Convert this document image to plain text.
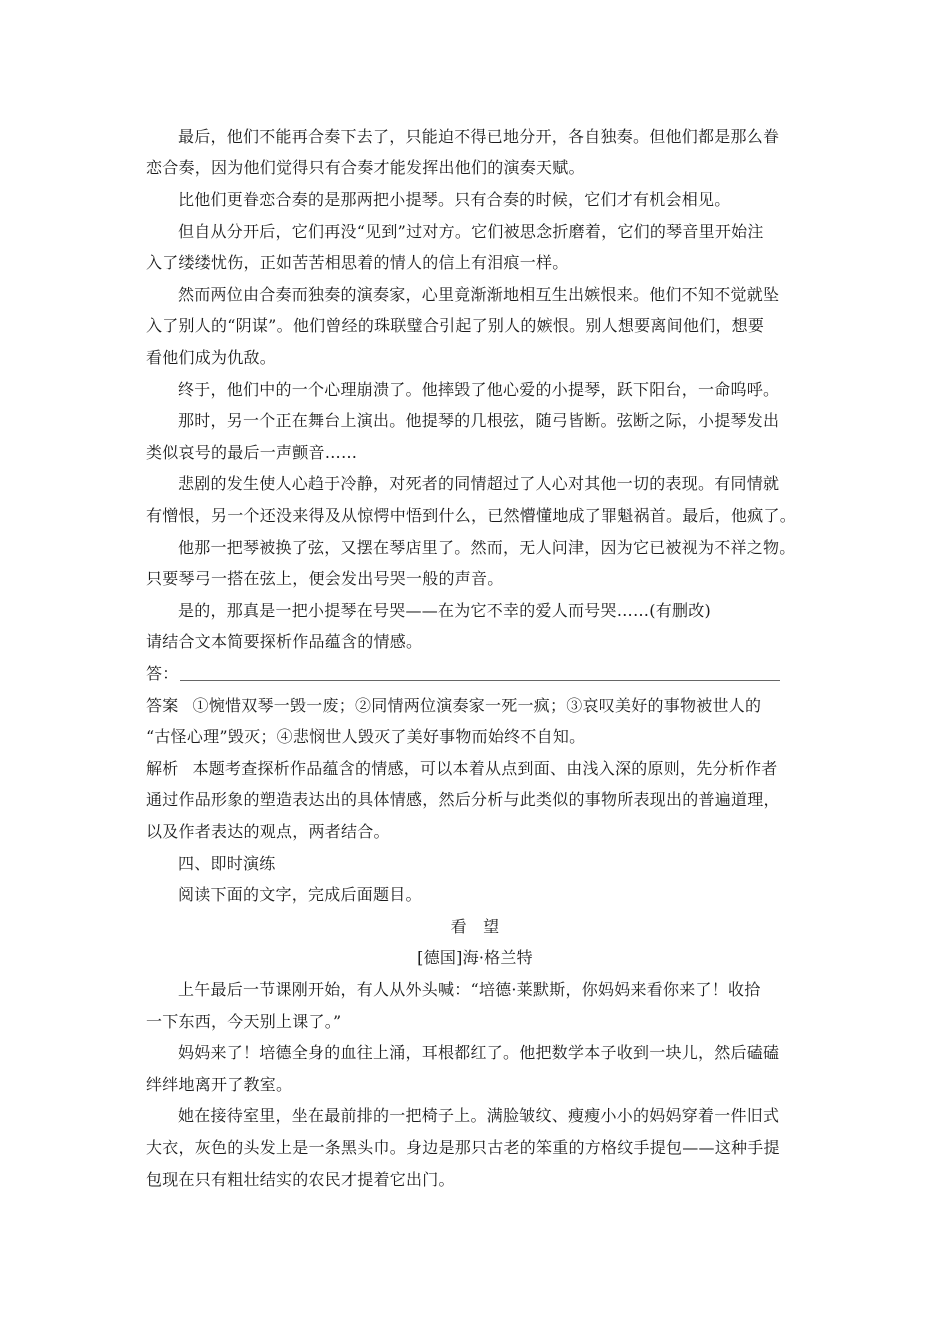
最后，他们不能再合奏下去了，只能迫不得已地分开，各自独奏。但他们都是那么眷
恋合奏，因为他们觉得只有合奏才能发挥出他们的演奏天赋。
比他们更眷恋合奏的是那两把小提琴。只有合奏的时候，它们才有机会相见。
但自从分开后，它们再没“见到”过对方。它们被思念折磨着，它们的琴音里开始注
入了缕缕忧伤，正如苦苦相思着的情人的信上有泪痕一样。
然而两位由合奏而独奏的演奏家，心里竟渐渐地相互生出嫉恨来。他们不知不觉就坠
入了别人的“阴谋”。他们曾经的珠联璧合引起了别人的嫉恨。别人想要离间他们，想要
看他们成为仇敌。
终于，他们中的一个心理崩溃了。他摔毁了他心爱的小提琴，跃下阳台，一命呜呼。
那时，另一个正在舞台上演出。他提琴的几根弦，随弓皆断。弦断之际，小提琴发出
类似哀号的最后一声颤音……
悲剧的发生使人心趋于冷静，对死者的同情超过了人心对其他一切的表现。有同情就
有憎恨，另一个还没来得及从惊愕中悟到什么，已然懵懂地成了罪魁祸首。最后，他疯了。
他那一把琴被换了弦，又摆在琴店里了。然而，无人问津，因为它已被视为不祥之物。
只要琴弓一搭在弦上，便会发出号哭一般的声音。
是的，那真是一把小提琴在号哭——在为它不幸的爱人而号哭……(有删改)
请结合文本简要探析作品蕴含的情感。
答：
答案 ①惋惜双琴一毁一废；②同情两位演奏家一死一疯；③哀叹美好的事物被世人的
“古怪心理”毁灭；④悲悯世人毁灭了美好事物而始终不自知。
解析 本题考查探析作品蕴含的情感，可以本着从点到面、由浅入深的原则，先分析作者
通过作品形象的塑造表达出的具体情感，然后分析与此类似的事物所表现出的普遍道理，
以及作者表达的观点，两者结合。
四、即时演练
阅读下面的文字，完成后面题目。
看　望
[德国]海·格兰特
上午最后一节课刚开始，有人从外头喊：“培德·莱默斯，你妈妈来看你来了！收拾
一下东西，今天别上课了。”
妈妈来了！培德全身的血往上涌，耳根都红了。他把数学本子收到一块儿，然后磕磕
绊绊地离开了教室。
她在接待室里，坐在最前排的一把椅子上。满脸皱纹、瘦瘦小小的妈妈穿着一件旧式
大衣，灰色的头发上是一条黑头巾。身边是那只古老的笨重的方格纹手提包——这种手提
包现在只有粗壮结实的农民才提着它出门。
